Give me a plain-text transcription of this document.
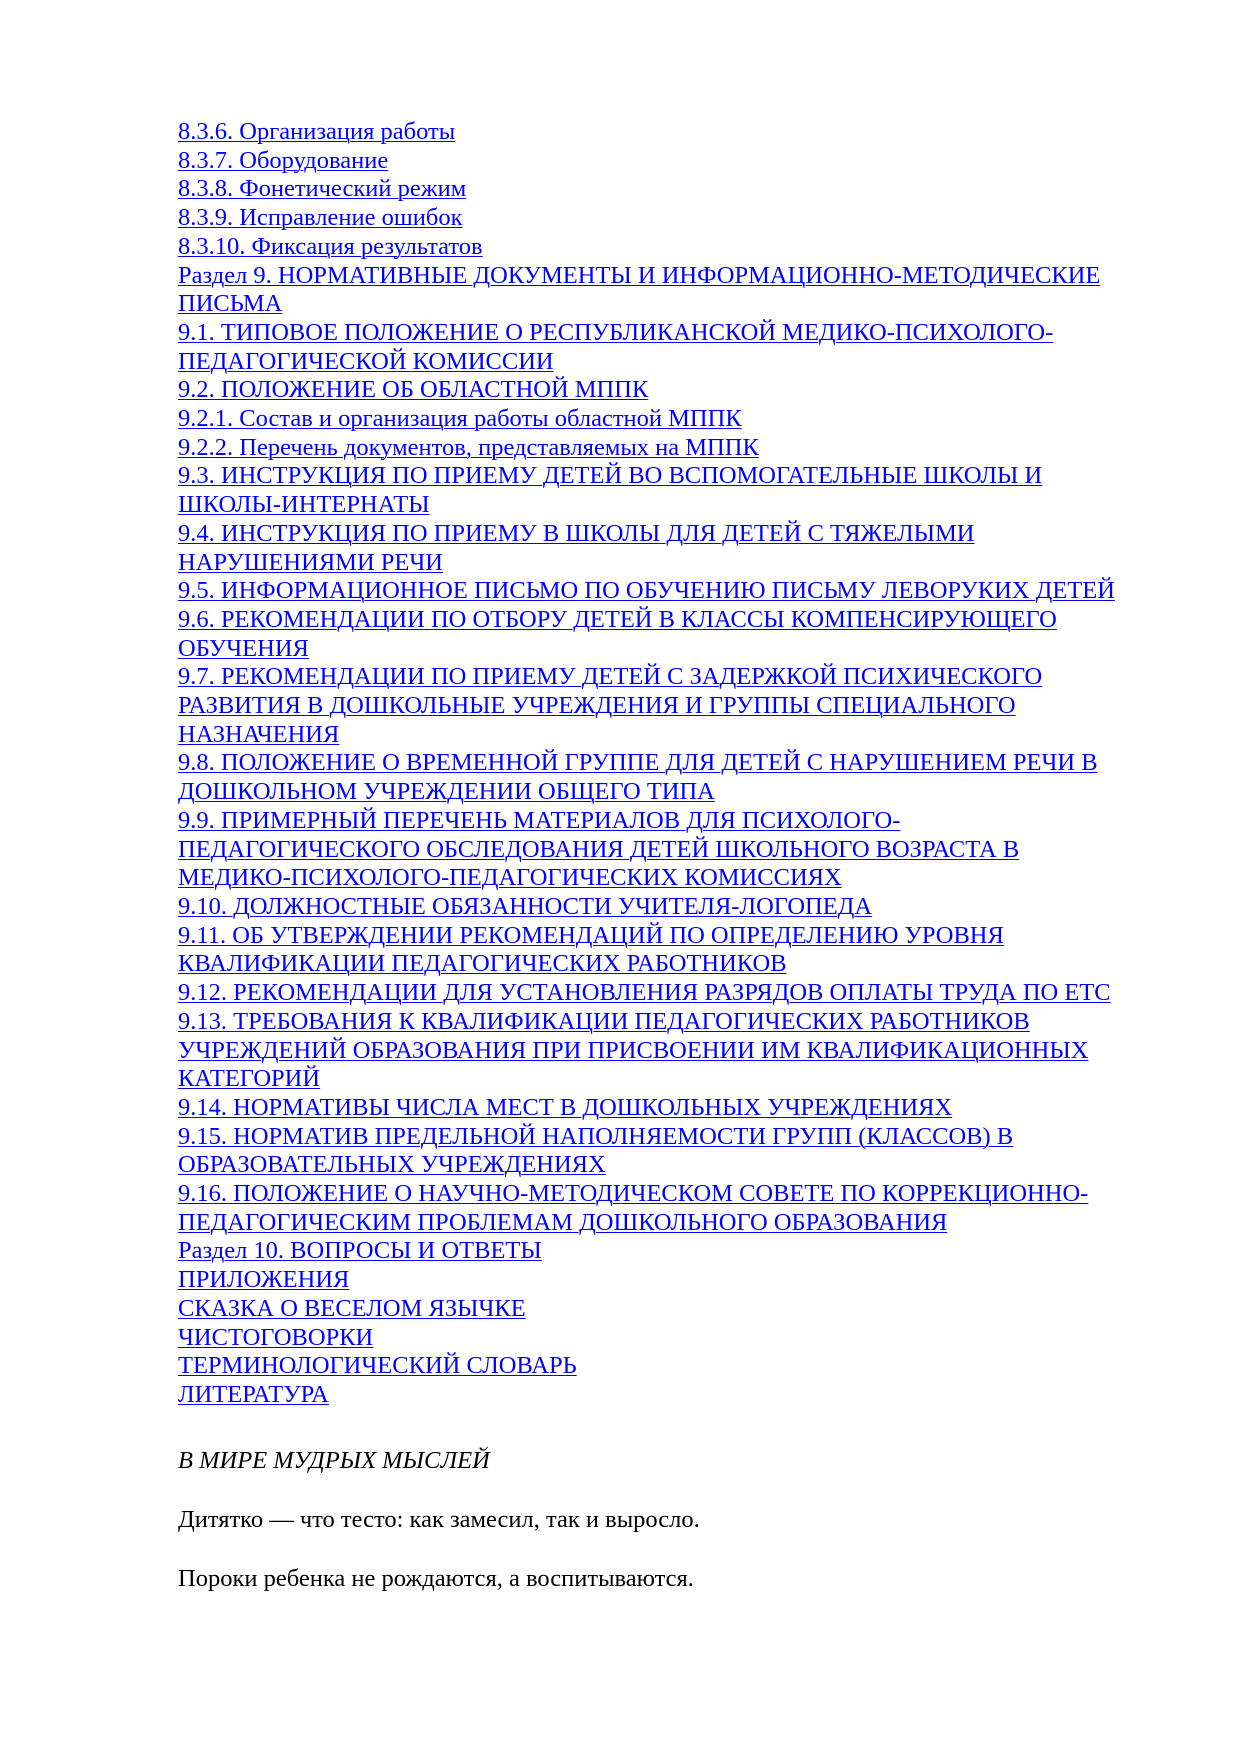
8.3.6. Организация работы
8.3.7. Оборудование
8.3.8. Фонетический режим
8.3.9. Исправление ошибок
8.3.10. Фиксация результатов
Раздел 9. НОРМАТИВНЫЕ ДОКУМЕНТЫ И ИНФОРМАЦИОННО-МЕТОДИЧЕСКИЕ
ПИСЬМА
9.1. ТИПОВОЕ ПОЛОЖЕНИЕ О РЕСПУБЛИКАНСКОЙ МЕДИКО-ПСИХОЛОГО-
ПЕДАГОГИЧЕСКОЙ КОМИССИИ
9.2. ПОЛОЖЕНИЕ ОБ ОБЛАСТНОЙ МППК
9.2.1. Состав и организация работы областной МППК
9.2.2. Перечень документов, представляемых на МППК
9.3. ИНСТРУКЦИЯ ПО ПРИЕМУ ДЕТЕЙ ВО ВСПОМОГАТЕЛЬНЫЕ ШКОЛЫ И
ШКОЛЫ-ИНТЕРНАТЫ
9.4. ИНСТРУКЦИЯ ПО ПРИЕМУ В ШКОЛЫ ДЛЯ ДЕТЕЙ С ТЯЖЕЛЫМИ
НАРУШЕНИЯМИ РЕЧИ
9.5. ИНФОРМАЦИОННОЕ ПИСЬМО ПО ОБУЧЕНИЮ ПИСЬМУ ЛЕВОРУКИХ ДЕТЕЙ
9.6. РЕКОМЕНДАЦИИ ПО ОТБОРУ ДЕТЕЙ В КЛАССЫ КОМПЕНСИРУЮЩЕГО
ОБУЧЕНИЯ
9.7. РЕКОМЕНДАЦИИ ПО ПРИЕМУ ДЕТЕЙ С ЗАДЕРЖКОЙ ПСИХИЧЕСКОГО
РАЗВИТИЯ В ДОШКОЛЬНЫЕ УЧРЕЖДЕНИЯ И ГРУППЫ СПЕЦИАЛЬНОГО
НАЗНАЧЕНИЯ
9.8. ПОЛОЖЕНИЕ О ВРЕМЕННОЙ ГРУППЕ ДЛЯ ДЕТЕЙ С НАРУШЕНИЕМ РЕЧИ В
ДОШКОЛЬНОМ УЧРЕЖДЕНИИ ОБЩЕГО ТИПА
9.9. ПРИМЕРНЫЙ ПЕРЕЧЕНЬ МАТЕРИАЛОВ ДЛЯ ПСИХОЛОГО-
ПЕДАГОГИЧЕСКОГО ОБСЛЕДОВАНИЯ ДЕТЕЙ ШКОЛЬНОГО ВОЗРАСТА В
МЕДИКО-ПСИХОЛОГО-ПЕДАГОГИЧЕСКИХ КОМИССИЯХ
9.10. ДОЛЖНОСТНЫЕ ОБЯЗАННОСТИ УЧИТЕЛЯ-ЛОГОПЕДА
9.11. ОБ УТВЕРЖДЕНИИ РЕКОМЕНДАЦИЙ ПО ОПРЕДЕЛЕНИЮ УРОВНЯ
КВАЛИФИКАЦИИ ПЕДАГОГИЧЕСКИХ РАБОТНИКОВ
9.12. РЕКОМЕНДАЦИИ ДЛЯ УСТАНОВЛЕНИЯ РАЗРЯДОВ ОПЛАТЫ ТРУДА ПО ЕТС
9.13. ТРЕБОВАНИЯ К КВАЛИФИКАЦИИ ПЕДАГОГИЧЕСКИХ РАБОТНИКОВ
УЧРЕЖДЕНИЙ ОБРАЗОВАНИЯ ПРИ ПРИСВОЕНИИ ИМ КВАЛИФИКАЦИОННЫХ
КАТЕГОРИЙ
9.14. НОРМАТИВЫ ЧИСЛА МЕСТ В ДОШКОЛЬНЫХ УЧРЕЖДЕНИЯХ
9.15. НОРМАТИВ ПРЕДЕЛЬНОЙ НАПОЛНЯЕМОСТИ ГРУПП (КЛАССОВ) В
ОБРАЗОВАТЕЛЬНЫХ УЧРЕЖДЕНИЯХ
9.16. ПОЛОЖЕНИЕ О НАУЧНО-МЕТОДИЧЕСКОМ СОВЕТЕ ПО КОРРЕКЦИОННО-
ПЕДАГОГИЧЕСКИМ ПРОБЛЕМАМ ДОШКОЛЬНОГО ОБРАЗОВАНИЯ
Раздел 10. ВОПРОСЫ И ОТВЕТЫ
ПРИЛОЖЕНИЯ
СКАЗКА О ВЕСЕЛОМ ЯЗЫЧКЕ
ЧИСТОГОВОРКИ
ТЕРМИНОЛОГИЧЕСКИЙ СЛОВАРЬ
ЛИТЕРАТУРА
В МИРЕ МУДРЫХ МЫСЛЕЙ

Дитятко — что тесто: как замесил, так и выросло.

Пороки ребенка не рождаются, а воспитываются.
